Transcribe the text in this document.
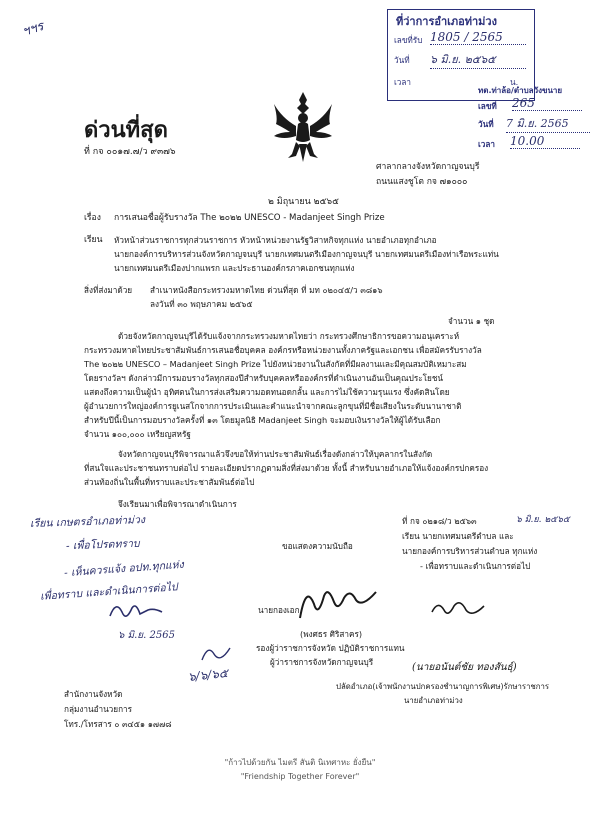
ฯฯร	ที่ว่าการอำเภอท่าม่วง
เลขที่รับ 1805 / 2565
วันที่ ๖ มิ.ย. ๒๕๖๕
เวลา	น.
ทต.ท่าล้อ/ตำบลวังขนาย
เลขที่ 265
วันที่ 7 มิ.ย. 2565
เวลา 10.00
ด่วนที่สุด
ที่ กจ ๐๐๑๗.๗/ว ๙๓๗๖
ศาลากลางจังหวัดกาญจนบุรี
ถนนแสงชูโต กจ ๗๑๐๐๐
๒ มิถุนายน ๒๕๖๕
เรื่อง การเสนอชื่อผู้รับรางวัล The ๒๐๒๒ UNESCO - Madanjeet Singh Prize
เรียน หัวหน้าส่วนราชการทุกส่วนราชการ หัวหน้าหน่วยงานรัฐวิสาหกิจทุกแห่ง นายอำเภอทุกอำเภอ
นายกองค์การบริหารส่วนจังหวัดกาญจนบุรี นายกเทศมนตรีเมืองกาญจนบุรี นายกเทศมนตรีเมืองท่าเรือพระแท่น
นายกเทศมนตรีเมืองปากแพรก และประธานองค์กรภาคเอกชนทุกแห่ง
สิ่งที่ส่งมาด้วย สำเนาหนังสือกระทรวงมหาดไทย ด่วนที่สุด ที่ มท ๐๒๐๔๕/ว ๓๘๑๖
ลงวันที่ ๓๐ พฤษภาคม ๒๕๖๕
จำนวน ๑ ชุด
ด้วยจังหวัดกาญจนบุรีได้รับแจ้งจากกระทรวงมหาดไทยว่า กระทรวงศึกษาธิการขอความอนุเคราะห์
กระทรวงมหาดไทยประชาสัมพันธ์การเสนอชื่อบุคคล องค์กรหรือหน่วยงานทั้งภาครัฐและเอกชน เพื่อสมัครรับรางวัล
The ๒๐๒๒ UNESCO – Madanjeet Singh Prize ไปยังหน่วยงานในสังกัดที่มีผลงานและมีคุณสมบัติเหมาะสม
โดยรางวัลฯ ดังกล่าวมีการมอบรางวัลทุกสองปีสำหรับบุคคลหรือองค์กรที่ดำเนินงานอันเป็นคุณประโยชน์
แสดงถึงความเป็นผู้นำ อุทิศตนในการส่งเสริมความอดทนอดกลั้น และการไม่ใช้ความรุนแรง ซึ่งคัดสินโดย
ผู้อำนวยการใหญ่องค์การยูเนสโกจากการประเมินและคำแนะนำจากคณะลูกขุนที่มีชื่อเสียงในระดับนานาชาติ
สำหรับปีนี้เป็นการมอบรางวัลครั้งที่ ๑๓ โดยมูลนิธิ Madanjeet Singh จะมอบเงินรางวัลให้ผู้ได้รับเลือก
จำนวน ๑๐๐,๐๐๐ เหรียญสหรัฐ
จังหวัดกาญจนบุรีพิจารณาแล้วจึงขอให้ท่านประชาสัมพันธ์เรื่องดังกล่าวให้บุคลากรในสังกัด
ที่สนใจและประชาชนทราบต่อไป รายละเอียดปรากฏตามสิ่งที่ส่งมาด้วย ทั้งนี้ สำหรับนายอำเภอให้แจ้งองค์กรปกครอง
ส่วนท้องถิ่นในพื้นที่ทราบและประชาสัมพันธ์ต่อไป
จึงเรียนมาเพื่อพิจารณาดำเนินการ
เรียน เกษตรอำเภอท่าม่วง
- เพื่อโปรดทราบ
- เห็นควรแจ้ง อปท.ทุกแห่ง
เพื่อทราบ และดำเนินการต่อไป
๖ มิ.ย. 2565
ขอแสดงความนับถือ
นายกองเอก
(พงศธร ศิริสาคร)
รองผู้ว่าราชการจังหวัด ปฏิบัติราชการแทน
ผู้ว่าราชการจังหวัดกาญจนบุรี
ที่ กจ ๐๒๑๘/ว ๒๕๖๓	๖ มิ.ย. ๒๕๖๕
เรียน นายกเทศมนตรีตำบล และ
นายกองค์การบริหารส่วนตำบล ทุกแห่ง
- เพื่อทราบและดำเนินการต่อไป
(นายอนันต์ชัย ทองสันธุ์)
ปลัดอำเภอ(เจ้าพนักงานปกครองชำนาญการพิเศษ)รักษาราชการ
นายอำเภอท่าม่วง
๖/๖/๖๕
สำนักงานจังหวัด
กลุ่มงานอำนวยการ
โทร./โทรสาร ๐ ๓๔๕๑ ๑๗๗๘
"ก้าวไปด้วยกัน ไมตรี สันติ นิเทศาหะ ยั่งยืน"
"Friendship Together Forever"
